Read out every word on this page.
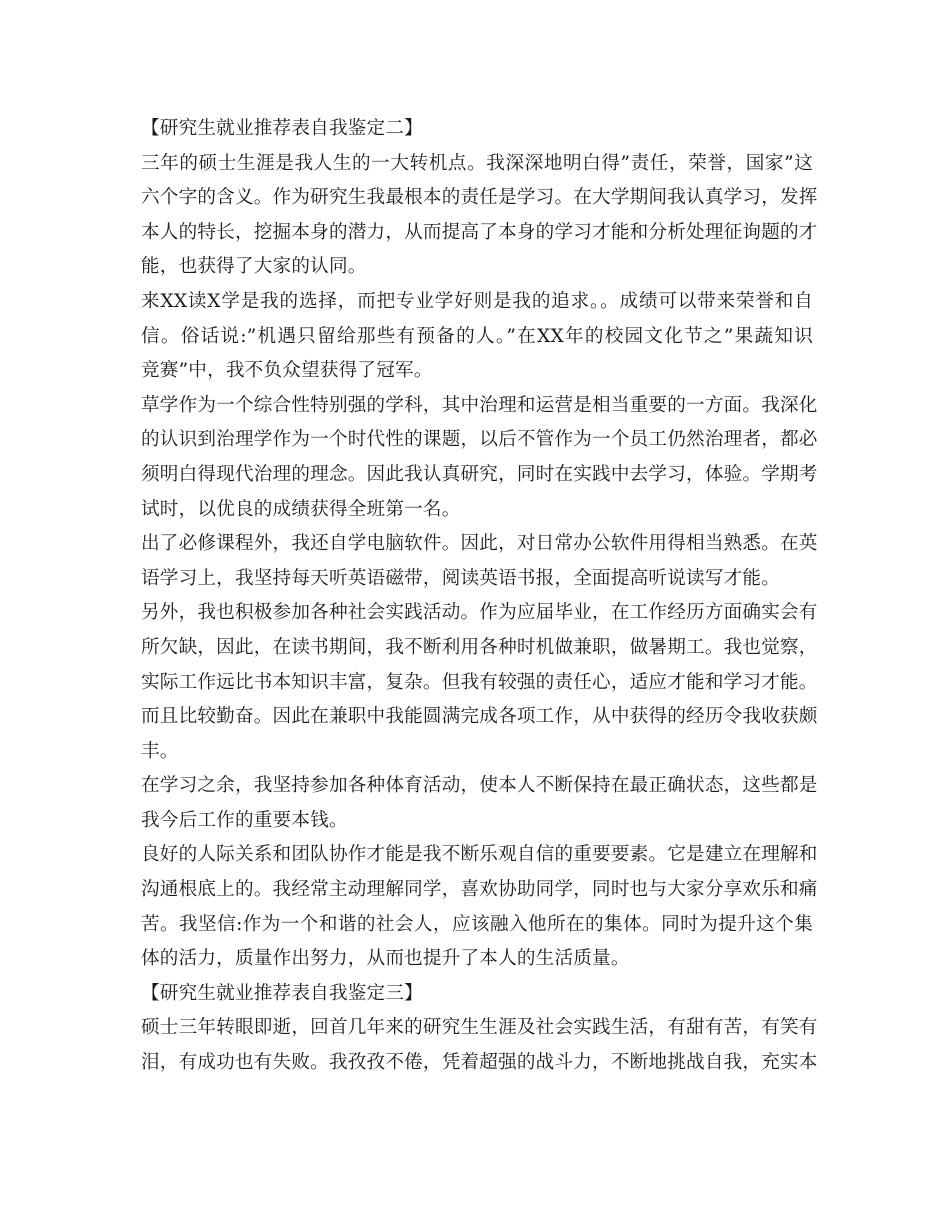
【研究生就业推荐表自我鉴定二】

三年的硕士生涯是我人生的一大转机点。我深深地明白得”责任，荣誉，国家”这
六个字的含义。作为研究生我最根本的责任是学习。在大学期间我认真学习，发挥
本人的特长，挖掘本身的潜力，从而提高了本身的学习才能和分析处理征询题的才
能，也获得了大家的认同。

来XX读X学是我的选择，而把专业学好则是我的追求。。成绩可以带来荣誉和自
信。俗话说:”机遇只留给那些有预备的人。”在XX年的校园文化节之”果蔬知识
竞赛”中，我不负众望获得了冠军。

草学作为一个综合性特别强的学科，其中治理和运营是相当重要的一方面。我深化
的认识到治理学作为一个时代性的课题，以后不管作为一个员工仍然治理者，都必
须明白得现代治理的理念。因此我认真研究，同时在实践中去学习，体验。学期考
试时，以优良的成绩获得全班第一名。

出了必修课程外，我还自学电脑软件。因此，对日常办公软件用得相当熟悉。在英
语学习上，我坚持每天听英语磁带，阅读英语书报，全面提高听说读写才能。

另外，我也积极参加各种社会实践活动。作为应届毕业，在工作经历方面确实会有
所欠缺，因此，在读书期间，我不断利用各种时机做兼职，做暑期工。我也觉察，
实际工作远比书本知识丰富，复杂。但我有较强的责任心，适应才能和学习才能。
而且比较勤奋。因此在兼职中我能圆满完成各项工作，从中获得的经历令我收获颇
丰。

在学习之余，我坚持参加各种体育活动，使本人不断保持在最正确状态，这些都是
我今后工作的重要本钱。

良好的人际关系和团队协作才能是我不断乐观自信的重要要素。它是建立在理解和
沟通根底上的。我经常主动理解同学，喜欢协助同学，同时也与大家分享欢乐和痛
苦。我坚信:作为一个和谐的社会人，应该融入他所在的集体。同时为提升这个集
体的活力，质量作出努力，从而也提升了本人的生活质量。

【研究生就业推荐表自我鉴定三】

硕士三年转眼即逝，回首几年来的研究生生涯及社会实践生活，有甜有苦，有笑有
泪，有成功也有失败。我孜孜不倦，凭着超强的战斗力，不断地挑战自我，充实本
